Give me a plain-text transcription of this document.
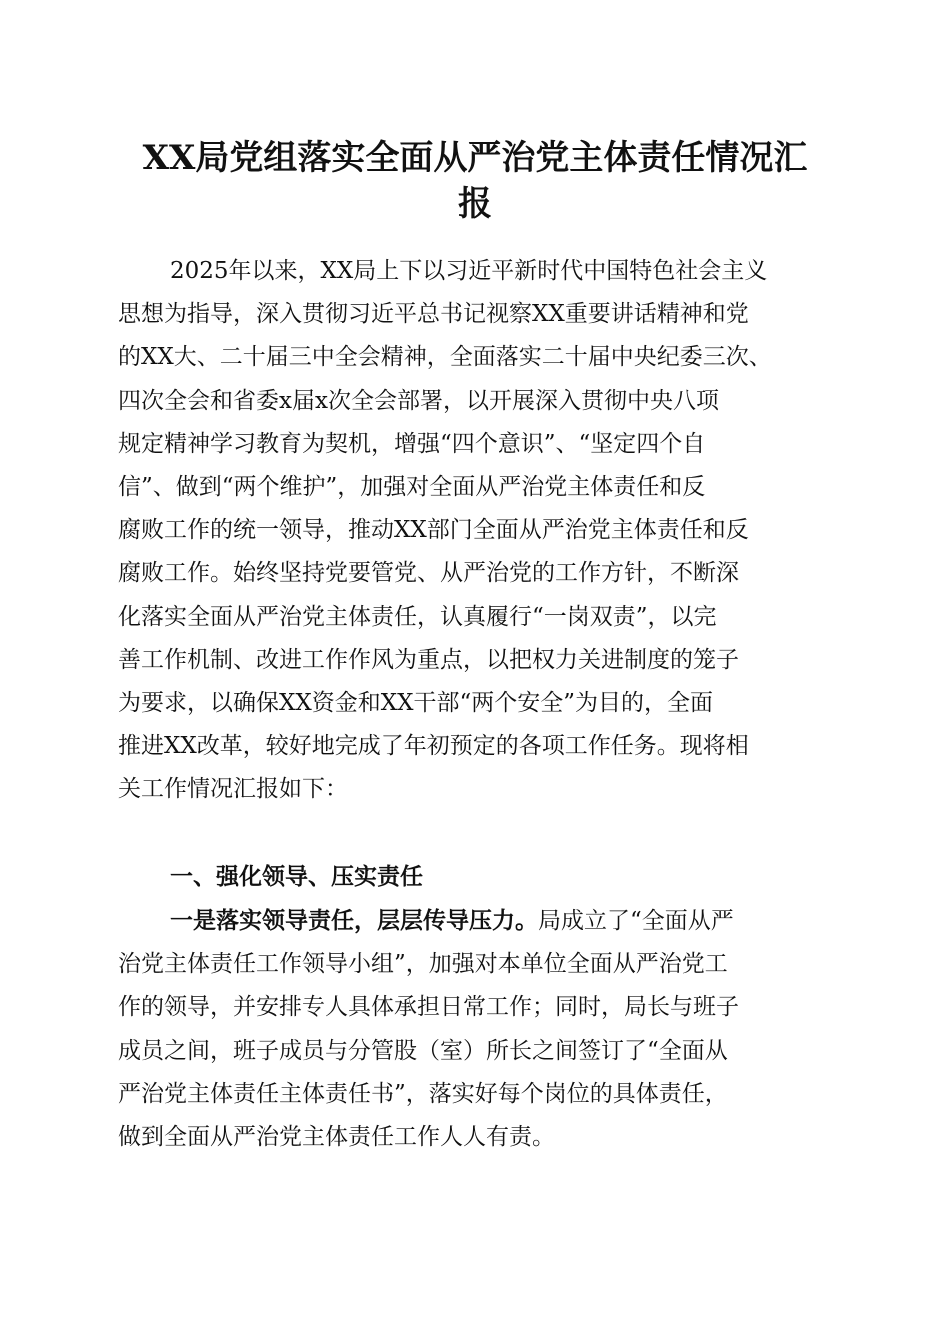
XX局党组落实全面从严治党主体责任情况汇
报
2025年以来，XX局上下以习近平新时代中国特色社会主义
思想为指导，深入贯彻习近平总书记视察XX重要讲话精神和党
的XX大、二十届三中全会精神，全面落实二十届中央纪委三次、
四次全会和省委x届x次全会部署，以开展深入贯彻中央八项
规定精神学习教育为契机，增强“四个意识”、“坚定四个自
信”、做到“两个维护”，加强对全面从严治党主体责任和反
腐败工作的统一领导，推动XX部门全面从严治党主体责任和反
腐败工作。始终坚持党要管党、从严治党的工作方针，不断深
化落实全面从严治党主体责任，认真履行“一岗双责”，以完
善工作机制、改进工作作风为重点，以把权力关进制度的笼子
为要求，以确保XX资金和XX干部“两个安全”为目的，全面
推进XX改革，较好地完成了年初预定的各项工作任务。现将相
关工作情况汇报如下：
一、强化领导、压实责任
一是落实领导责任，层层传导压力。局成立了“全面从严
治党主体责任工作领导小组”，加强对本单位全面从严治党工
作的领导，并安排专人具体承担日常工作；同时，局长与班子
成员之间，班子成员与分管股（室）所长之间签订了“全面从
严治党主体责任主体责任书”，落实好每个岗位的具体责任，
做到全面从严治党主体责任工作人人有责。
